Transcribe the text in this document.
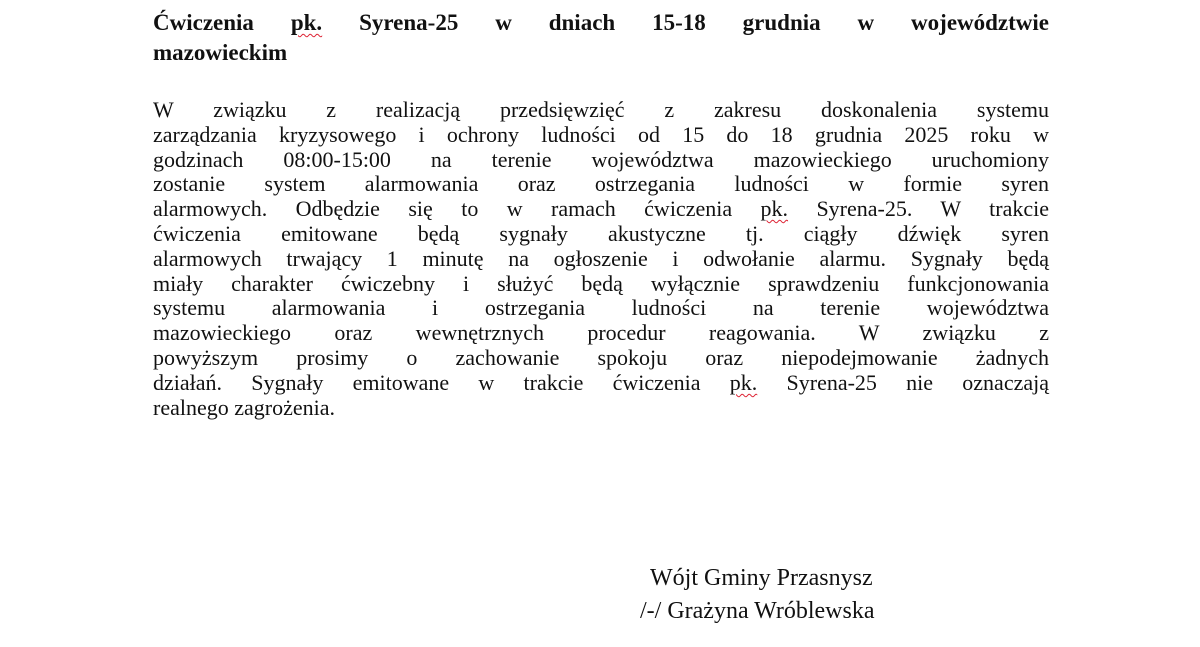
Ćwiczenia pk. Syrena-25 w dniach 15-18 grudnia w województwie
mazowieckim
W związku z realizacją przedsięwzięć z zakresu doskonalenia systemu
zarządzania kryzysowego i ochrony ludności od 15 do 18 grudnia 2025 roku w
godzinach 08:00-15:00 na terenie województwa mazowieckiego uruchomiony
zostanie system alarmowania oraz ostrzegania ludności w formie syren
alarmowych. Odbędzie się to w ramach ćwiczenia pk. Syrena-25. W trakcie
ćwiczenia emitowane będą sygnały akustyczne tj. ciągły dźwięk syren
alarmowych trwający 1 minutę na ogłoszenie i odwołanie alarmu. Sygnały będą
miały charakter ćwiczebny i służyć będą wyłącznie sprawdzeniu funkcjonowania
systemu alarmowania i ostrzegania ludności na terenie województwa
mazowieckiego oraz wewnętrznych procedur reagowania. W związku z
powyższym prosimy o zachowanie spokoju oraz niepodejmowanie żadnych
działań. Sygnały emitowane w trakcie ćwiczenia pk. Syrena-25 nie oznaczają
realnego zagrożenia.
Wójt Gminy Przasnysz
/-/ Grażyna Wróblewska
